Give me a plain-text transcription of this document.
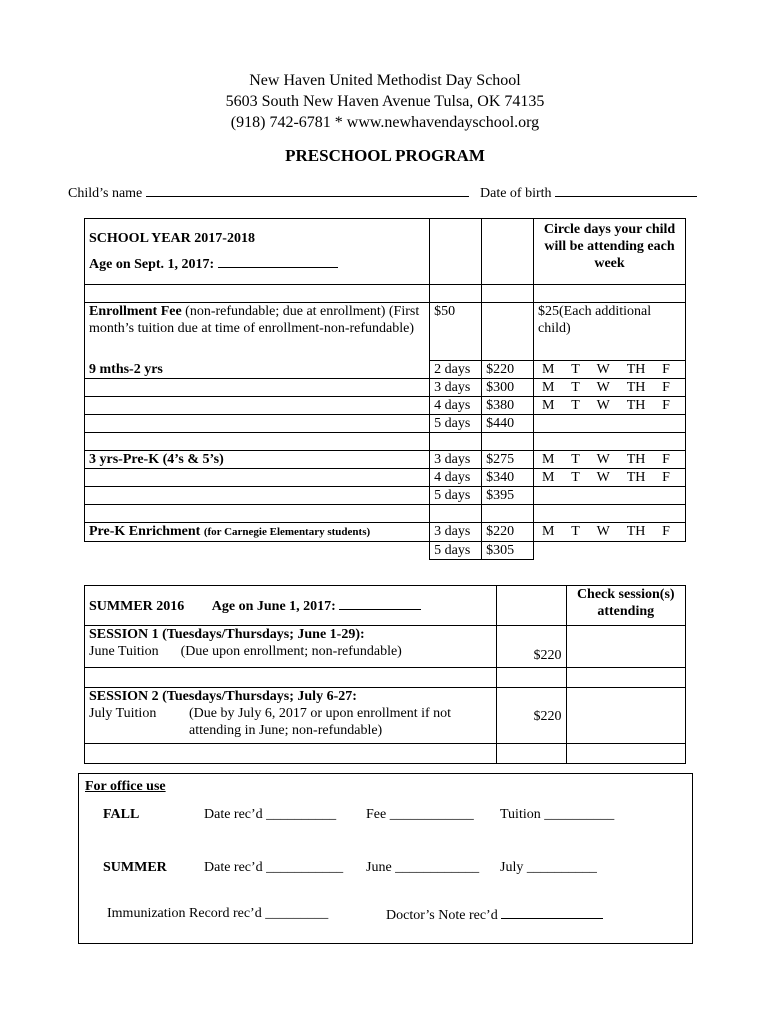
New Haven United Methodist Day School
5603 South New Haven Avenue Tulsa, OK 74135
(918) 742-6781 * www.newhavendayschool.org
PRESCHOOL PROGRAM
Child’s name	Date of birth
SCHOOL YEAR 2017-2018
Age on Sept. 1, 2017:			Circle days your child will be attending each week

Enrollment Fee (non-refundable; due at enrollment) (First month’s tuition due at time of enrollment-non-refundable)	$50		$25(Each additional child)
9 mths-2 yrs	2 days	$220	M T W TH F

	3 days	$300	M T W TH F

	4 days	$380	M T W TH F

	5 days	$440	

3 yrs-Pre-K (4’s & 5’s)	3 days	$275	M T W TH F

	4 days	$340	M T W TH F

	5 days	$395	

Pre-K Enrichment (for Carnegie Elementary students)	3 days	$220	M T W TH F

	5 days	$305	
SUMMER 2016 Age on June 1, 2017:		Check session(s) attending

SESSION 1 (Tuesdays/Thursdays; June 1-29):
June Tuition (Due upon enrollment; non-refundable)	$220	

SESSION 2 (Tuesdays/Thursdays; July 6-27:
July Tuition (Due by July 6, 2017 or upon enrollment if not attending in June; non-refundable)	$220	

For office use
FALL	Date rec’d __________ Fee ____________ Tuition __________
SUMMER	Date rec’d ___________ June ____________ July __________
Immunization Record rec’d _________	Doctor’s Note rec’d
